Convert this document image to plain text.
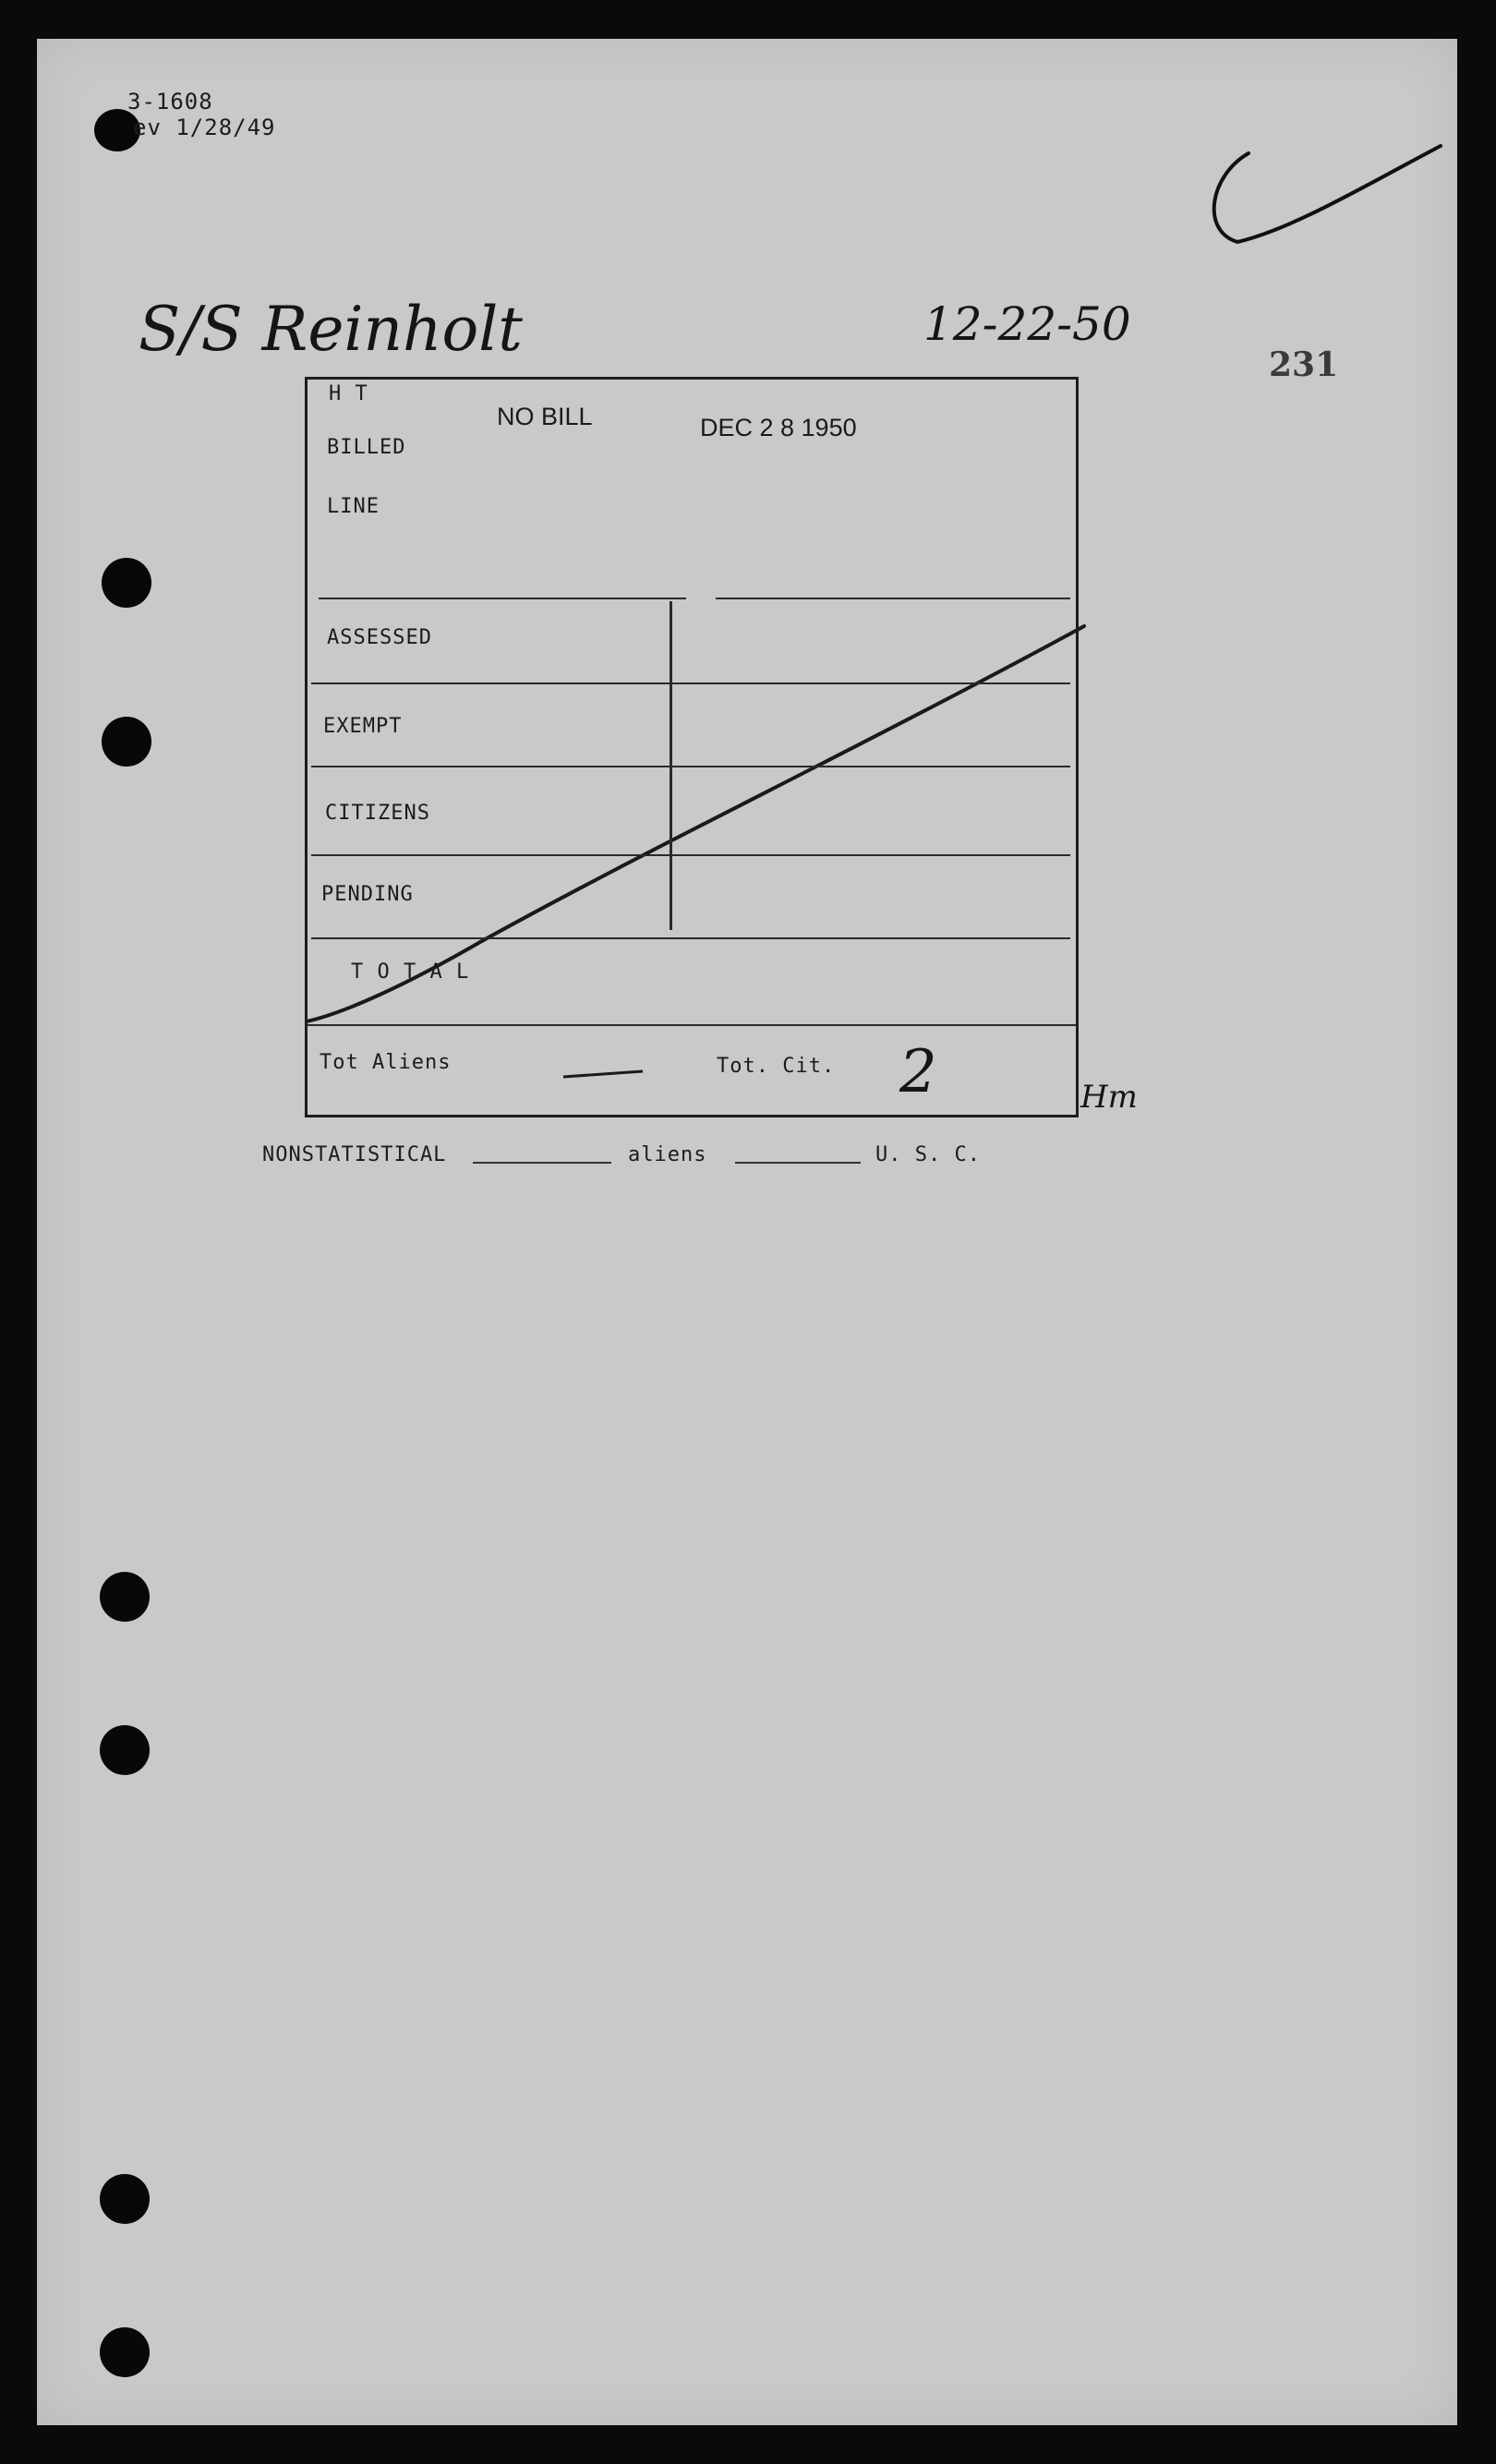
3-1608
ev 1/28/49
S/S Reinholt	12-22-50
231
H T
BILLED
LINE
ASSESSED
EXEMPT
CITIZENS
PENDING
T O T A L
NO BILL	DEC 2 8 1950
Tot Aliens	Tot. Cit. 2	Hm
NONSTATISTICAL	aliens	U. S. C.
